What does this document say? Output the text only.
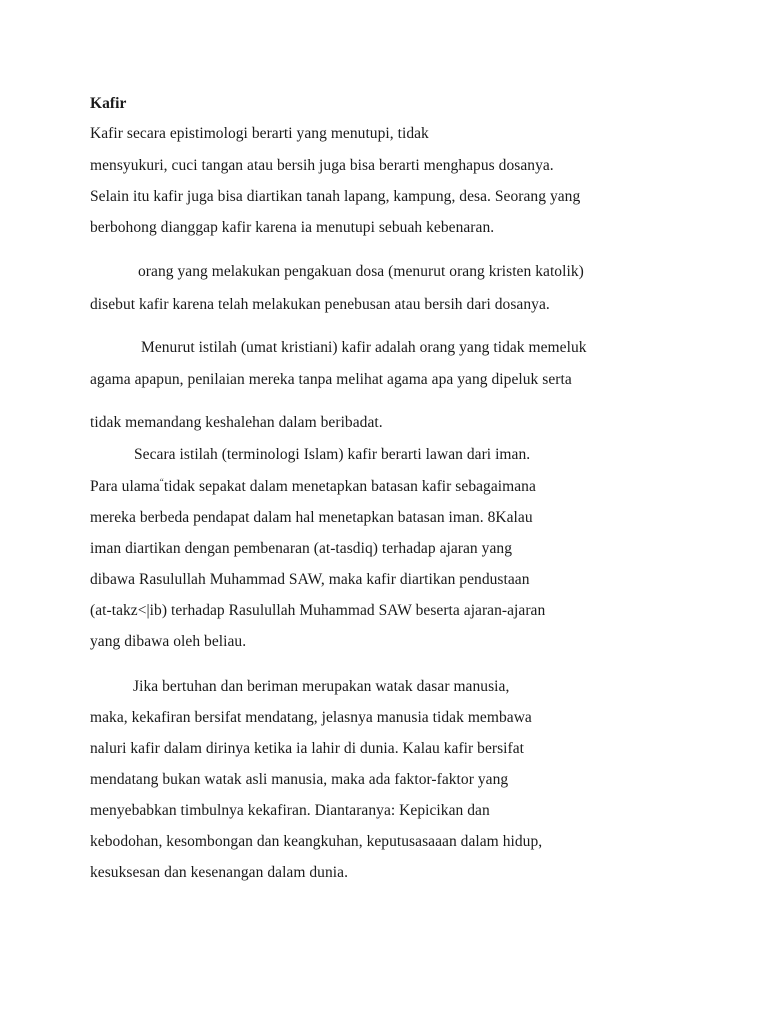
Kafir
Kafir secara epistimologi berarti yang menutupi, tidak
mensyukuri, cuci tangan atau bersih juga bisa berarti menghapus dosanya.
Selain itu kafir juga bisa diartikan tanah lapang, kampung, desa. Seorang yang
berbohong dianggap kafir karena ia menutupi sebuah kebenaran.
orang yang melakukan pengakuan dosa (menurut orang kristen katolik)
disebut kafir karena telah melakukan penebusan atau bersih dari dosanya.
Menurut istilah (umat kristiani) kafir adalah orang yang tidak memeluk
agama apapun, penilaian mereka tanpa melihat agama apa yang dipeluk serta
tidak memandang keshalehan dalam beribadat.
Secara istilah (terminologi Islam) kafir berarti lawan dari iman.
Para ulama“tidak sepakat dalam menetapkan batasan kafir sebagaimana
mereka berbeda pendapat dalam hal menetapkan batasan iman. 8Kalau
iman diartikan dengan pembenaran (at-tasdiq) terhadap ajaran yang
dibawa Rasulullah Muhammad SAW, maka kafir diartikan pendustaan
(at-takz<|ib) terhadap Rasulullah Muhammad SAW beserta ajaran-ajaran
yang dibawa oleh beliau.
Jika bertuhan dan beriman merupakan watak dasar manusia,
maka, kekafiran bersifat mendatang, jelasnya manusia tidak membawa
naluri kafir dalam dirinya ketika ia lahir di dunia. Kalau kafir bersifat
mendatang bukan watak asli manusia, maka ada faktor-faktor yang
menyebabkan timbulnya kekafiran. Diantaranya: Kepicikan dan
kebodohan, kesombongan dan keangkuhan, keputusasaaan dalam hidup,
kesuksesan dan kesenangan dalam dunia.
